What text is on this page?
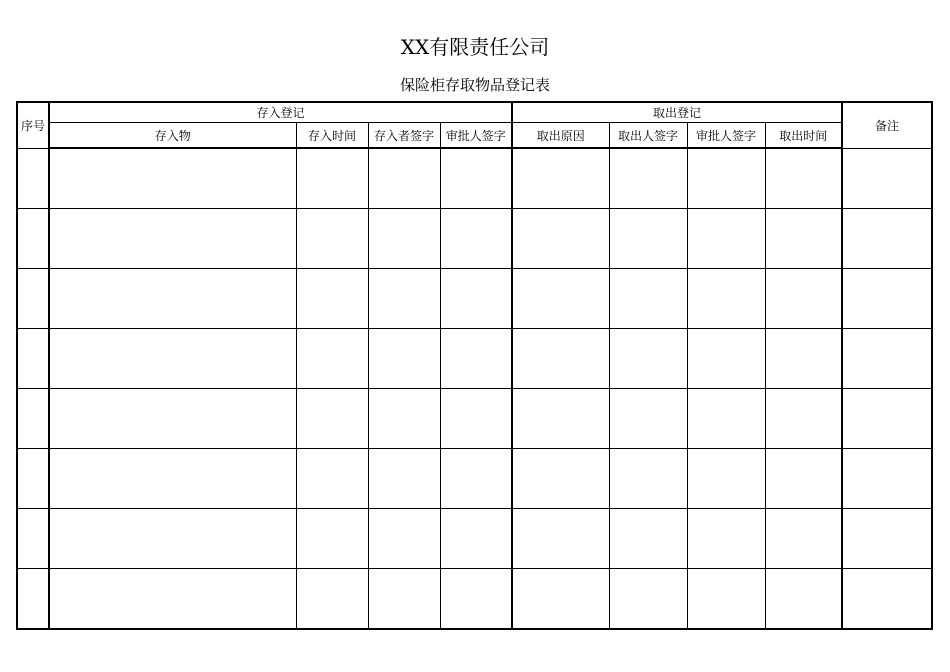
XX有限责任公司
保险柜存取物品登记表
序号	存入登记				取出登记				备注
	存入物	存入时间	存入者签字	审批人签字	取出原因	取出人签字	审批人签字	取出时间	
